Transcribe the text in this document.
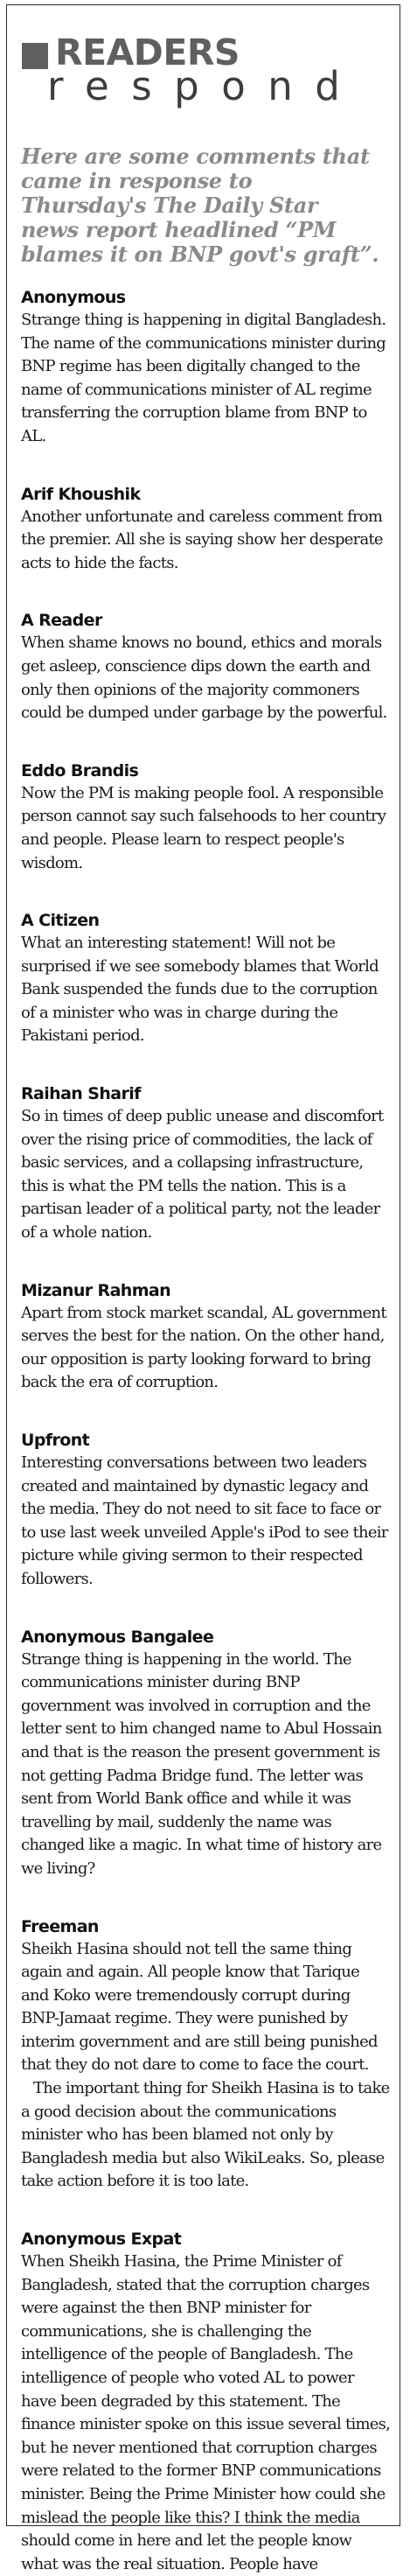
READERS
respond
Here are some comments that came in response to Thursday's The Daily Star news report headlined “PM blames it on BNP govt's graft”.
Anonymous

Strange thing is happening in digital Bangladesh. The name of the communications minister during BNP regime has been digitally changed to the name of communications minister of AL regime transferring the corruption blame from BNP to AL.

Arif Khoushik

Another unfortunate and careless comment from the premier. All she is saying show her desperate acts to hide the facts.

A Reader

When shame knows no bound, ethics and morals get asleep, conscience dips down the earth and only then opinions of the majority commoners could be dumped under garbage by the powerful.

Eddo Brandis

Now the PM is making people fool. A responsible person cannot say such falsehoods to her country and people. Please learn to respect people's wisdom.

A Citizen

What an interesting statement! Will not be surprised if we see somebody blames that World Bank suspended the funds due to the corruption of a minister who was in charge during the Pakistani period.

Raihan Sharif

So in times of deep public unease and discomfort over the rising price of commodities, the lack of basic services, and a collapsing infrastructure, this is what the PM tells the nation. This is a partisan leader of a political party, not the leader of a whole nation.

Mizanur Rahman

Apart from stock market scandal, AL government serves the best for the nation. On the other hand, our opposition is party looking forward to bring back the era of corruption.

Upfront

Interesting conversations between two leaders created and maintained by dynastic legacy and the media. They do not need to sit face to face or to use last week unveiled Apple's iPod to see their picture while giving sermon to their respected followers.

Anonymous Bangalee

Strange thing is happening in the world. The communications minister during BNP government was involved in corruption and the letter sent to him changed name to Abul Hossain and that is the reason the present government is not getting Padma Bridge fund. The letter was sent from World Bank office and while it was travelling by mail, suddenly the name was changed like a magic. In what time of history are we living?

Freeman

Sheikh Hasina should not tell the same thing again and again. All people know that Tarique and Koko were tremendously corrupt during BNP-Jamaat regime. They were punished by interim government and are still being punished that they do not dare to come to face the court.

The important thing for Sheikh Hasina is to take a good decision about the communications minister who has been blamed not only by Bangladesh media but also WikiLeaks. So, please take action before it is too late.

Anonymous Expat

When Sheikh Hasina, the Prime Minister of Bangladesh, stated that the corruption charges were against the then BNP minister for communications, she is challenging the intelligence of the people of Bangladesh. The intelligence of people who voted AL to power have been degraded by this statement. The finance minister spoke on this issue several times, but he never mentioned that corruption charges were related to the former BNP communications minister. Being the Prime Minister how could she mislead the people like this? I think the media should come in here and let the people know what was the real situation. People have
